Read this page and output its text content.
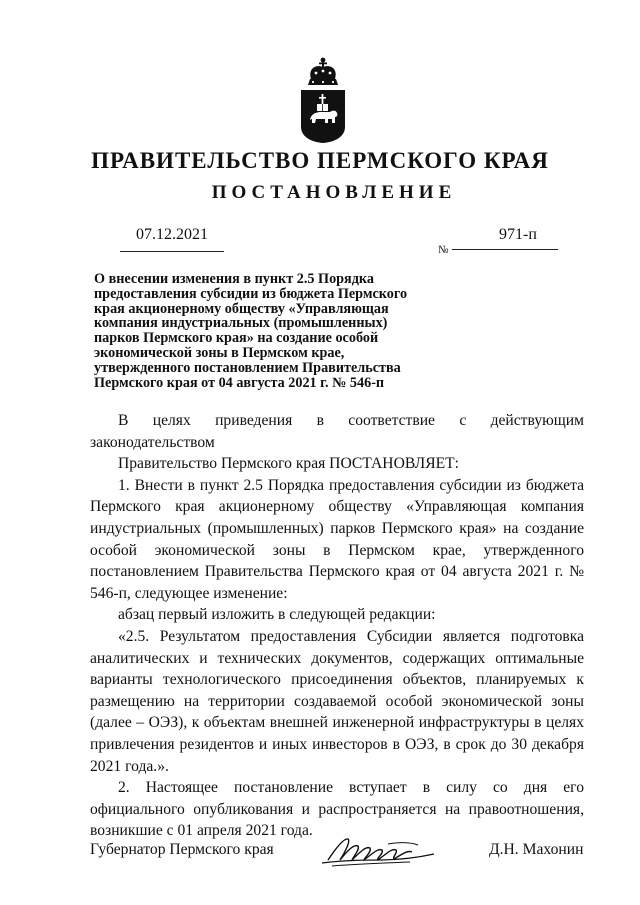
ПРАВИТЕЛЬСТВО ПЕРМСКОГО КРАЯ
ПОСТАНОВЛЕНИЕ
07.12.2021
№
971-п
О внесении изменения в пункт 2.5 Порядка
предоставления субсидии из бюджета Пермского
края акционерному обществу «Управляющая
компания индустриальных (промышленных)
парков Пермского края» на создание особой
экономической зоны в Пермском крае,
утвержденного постановлением Правительства
Пермского края от 04 августа 2021 г. № 546-п

В целях приведения в соответствие с действующим законодательством

Правительство Пермского края ПОСТАНОВЛЯЕТ:

1. Внести в пункт 2.5 Порядка предоставления субсидии из бюджета Пермского края акционерному обществу «Управляющая компания индустриальных (промышленных) парков Пермского края» на создание особой экономической зоны в Пермском крае, утвержденного постановлением Правительства Пермского края от 04 августа 2021 г. № 546-п, следующее изменение:

абзац первый изложить в следующей редакции:

«2.5. Результатом предоставления Субсидии является подготовка аналитических и технических документов, содержащих оптимальные варианты технологического присоединения объектов, планируемых к размещению на территории создаваемой особой экономической зоны (далее – ОЭЗ), к объектам внешней инженерной инфраструктуры в целях привлечения резидентов и иных инвесторов в ОЭЗ, в срок до 30 декабря 2021 года.».

2. Настоящее постановление вступает в силу со дня его официального опубликования и распространяется на правоотношения, возникшие с 01 апреля 2021 года.

Губернатор Пермского края	Д.Н. Махонин
